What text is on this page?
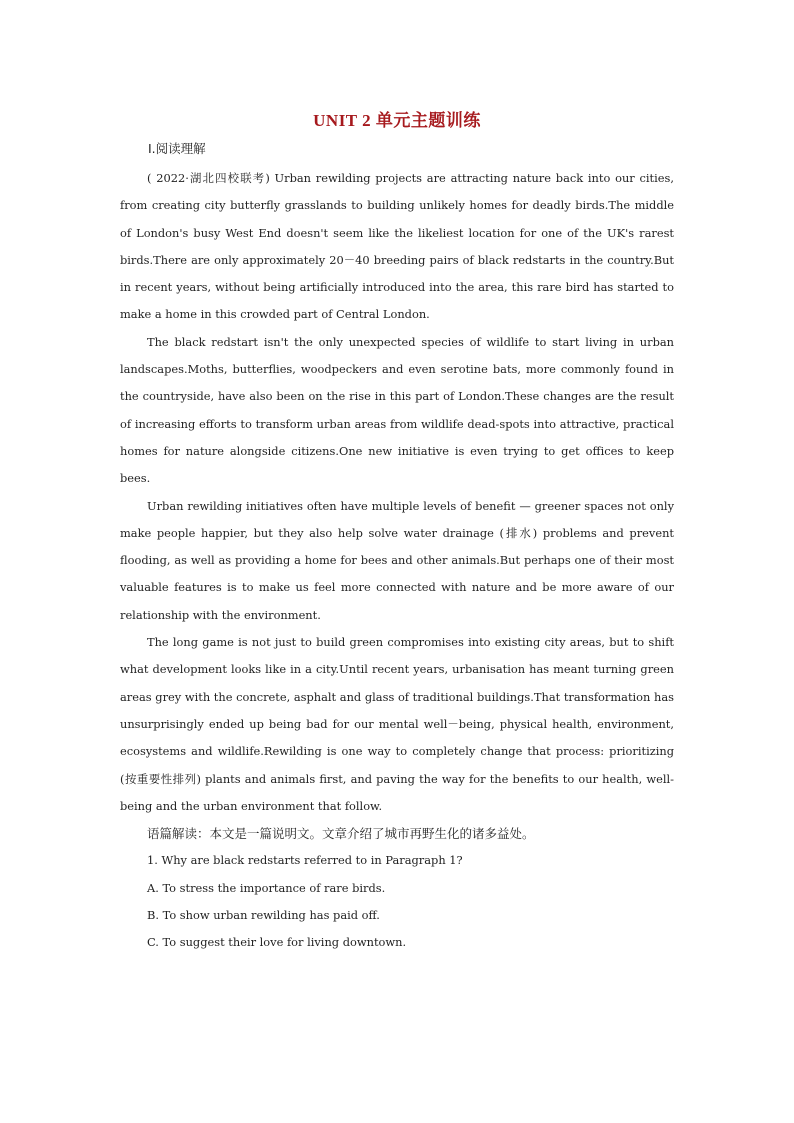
UNIT 2 单元主题训练
Ⅰ.阅读理解

( 2022·湖北四校联考) Urban rewilding projects are attracting nature back into our cities, from creating city butterfly grasslands to building unlikely homes for deadly birds.The middle of London's busy West End doesn't seem like the likeliest location for one of the UK's rarest birds.There are only approximately 20－40 breeding pairs of black redstarts in the country.But in recent years, without being artificially introduced into the area, this rare bird has started to make a home in this crowded part of Central London.

The black redstart isn't the only unexpected species of wildlife to start living in urban landscapes.Moths, butterflies, woodpeckers and even serotine bats, more commonly found in the countryside, have also been on the rise in this part of London.These changes are the result of increasing efforts to transform urban areas from wildlife dead-spots into attractive, practical homes for nature alongside citizens.One new initiative is even trying to get offices to keep bees.

Urban rewilding initiatives often have multiple levels of benefit — greener spaces not only make people happier, but they also help solve water drainage (排水) problems and prevent flooding, as well as providing a home for bees and other animals.But perhaps one of their most valuable features is to make us feel more connected with nature and be more aware of our relationship with the environment.

The long game is not just to build green compromises into existing city areas, but to shift what development looks like in a city.Until recent years, urbanisation has meant turning green areas grey with the concrete, asphalt and glass of traditional buildings.That transformation has unsurprisingly ended up being bad for our mental well－being, physical health, environment, ecosystems and wildlife.Rewilding is one way to completely change that process: prioritizing (按重要性排列) plants and animals first, and paving the way for the benefits to our health, well-being and the urban environment that follow.

语篇解读：本文是一篇说明文。文章介绍了城市再野生化的诸多益处。
1. Why are black redstarts referred to in Paragraph 1?
A. To stress the importance of rare birds.
B. To show urban rewilding has paid off.
C. To suggest their love for living downtown.
